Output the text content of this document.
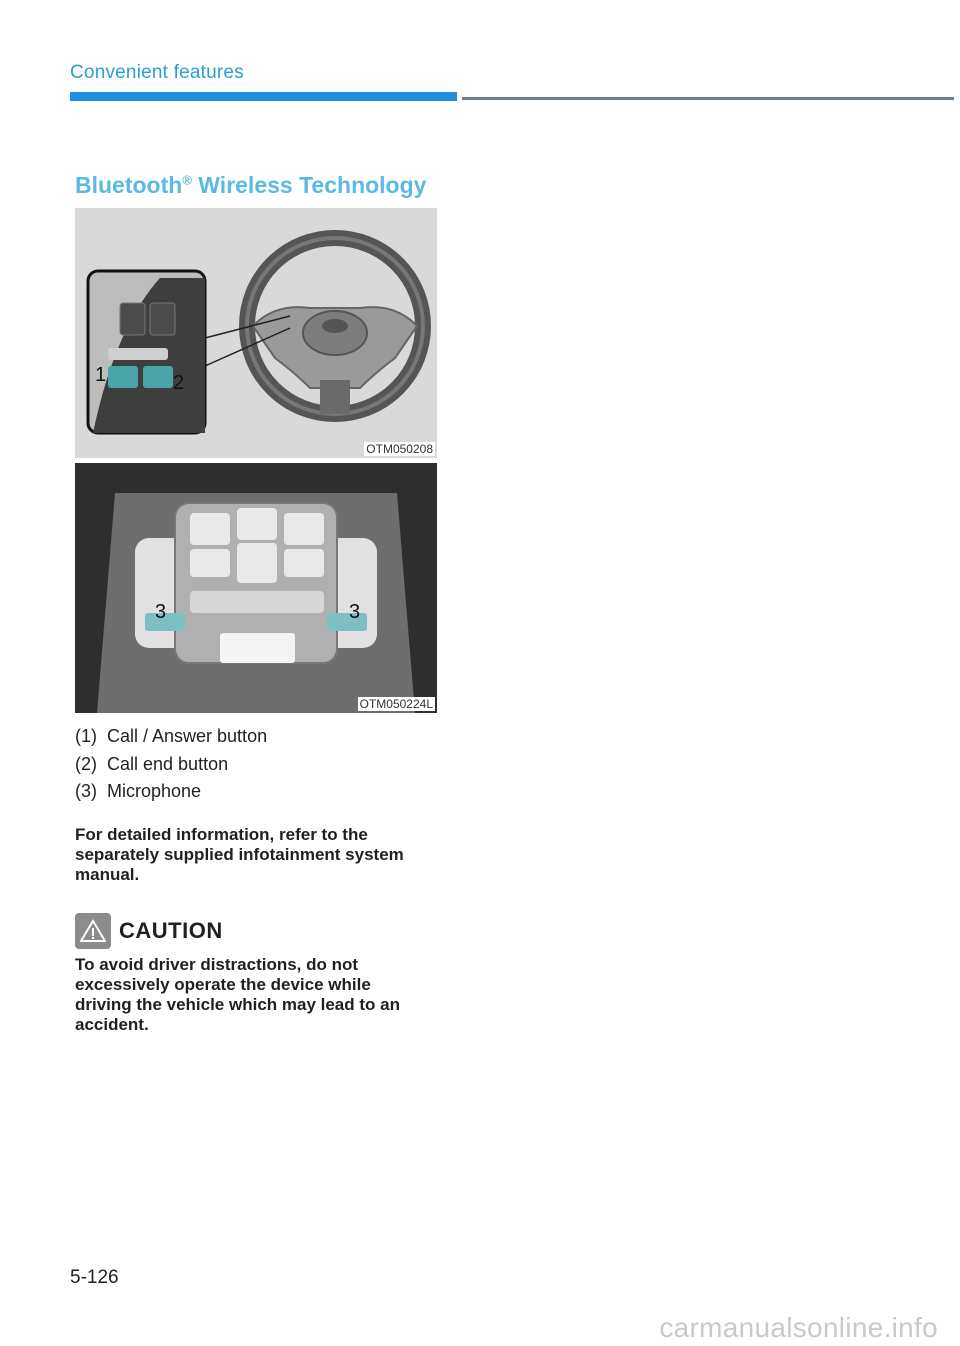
Convenient features
Bluetooth® Wireless Technology
1	2
OTM050208
3	3
OTM050224L
(1) Call / Answer button
(2) Call end button
(3) Microphone
For detailed information, refer to the separately supplied infotainment system manual.
CAUTION
To avoid driver distractions, do not excessively operate the device while driving the vehicle which may lead to an accident.
5-126
carmanualsonline.info
